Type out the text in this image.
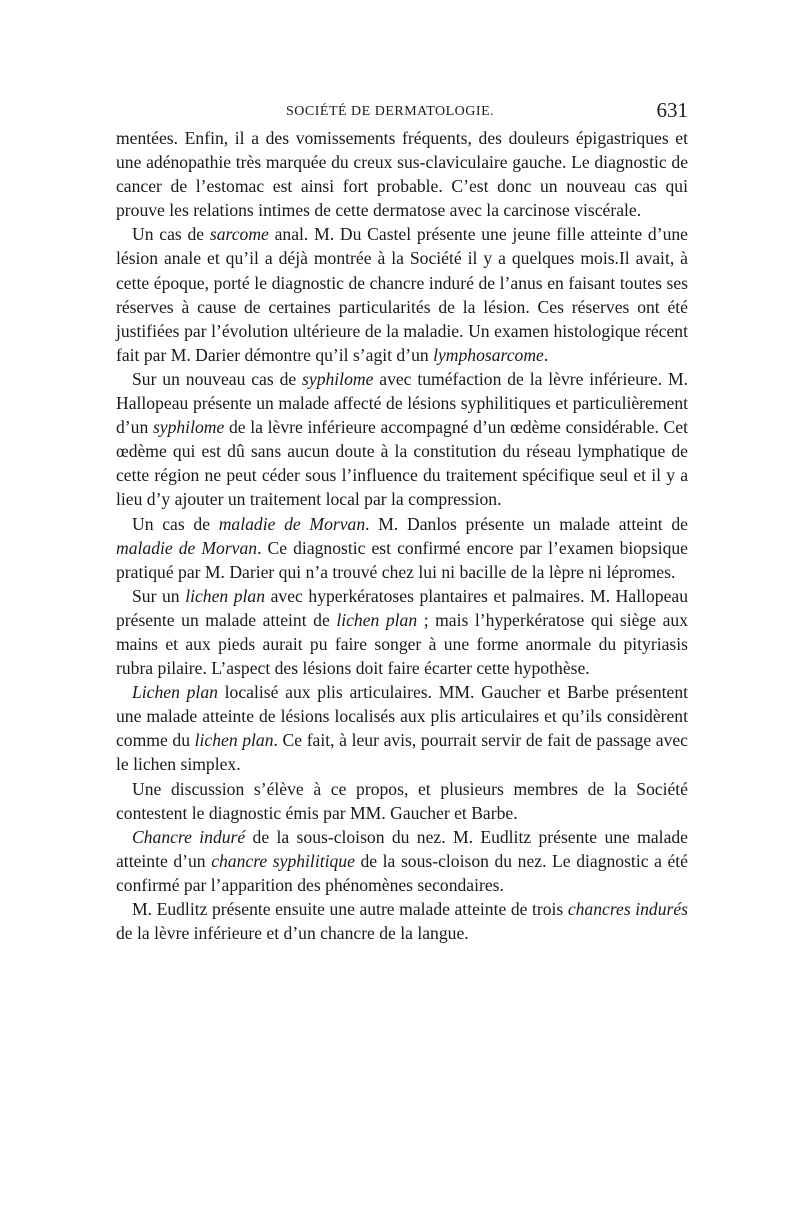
SOCIÉTÉ DE DERMATOLOGIE.	631

mentées. Enfin, il a des vomissements fréquents, des douleurs épigastriques et une adénopathie très marquée du creux sus-claviculaire gauche. Le diagnostic de cancer de l’estomac est ainsi fort probable. C’est donc un nouveau cas qui prouve les relations intimes de cette dermatose avec la carcinose viscérale.

Un cas de sarcome anal. M. Du Castel présente une jeune fille atteinte d’une lésion anale et qu’il a déjà montrée à la Société il y a quelques mois.Il avait, à cette époque, porté le diagnostic de chancre induré de l’anus en faisant toutes ses réserves à cause de certaines particularités de la lésion. Ces réserves ont été justifiées par l’évolution ultérieure de la maladie. Un examen histologique récent fait par M. Darier démontre qu’il s’agit d’un lymphosarcome.

Sur un nouveau cas de syphilome avec tuméfaction de la lèvre inférieure. M. Hallopeau présente un malade affecté de lésions syphilitiques et particulièrement d’un syphilome de la lèvre inférieure accompagné d’un œdème considérable. Cet œdème qui est dû sans aucun doute à la constitution du réseau lymphatique de cette région ne peut céder sous l’influence du traitement spécifique seul et il y a lieu d’y ajouter un traitement local par la compression.

Un cas de maladie de Morvan. M. Danlos présente un malade atteint de maladie de Morvan. Ce diagnostic est confirmé encore par l’examen biopsique pratiqué par M. Darier qui n’a trouvé chez lui ni bacille de la lèpre ni lépromes.

Sur un lichen plan avec hyperkératoses plantaires et palmaires. M. Hallopeau présente un malade atteint de lichen plan ; mais l’hyperkératose qui siège aux mains et aux pieds aurait pu faire songer à une forme anormale du pityriasis rubra pilaire. L’aspect des lésions doit faire écarter cette hypothèse.

Lichen plan localisé aux plis articulaires. MM. Gaucher et Barbe présentent une malade atteinte de lésions localisés aux plis articulaires et qu’ils considèrent comme du lichen plan. Ce fait, à leur avis, pourrait servir de fait de passage avec le lichen simplex.

Une discussion s’élève à ce propos, et plusieurs membres de la Société contestent le diagnostic émis par MM. Gaucher et Barbe.

Chancre induré de la sous-cloison du nez. M. Eudlitz présente une malade atteinte d’un chancre syphilitique de la sous-cloison du nez. Le diagnostic a été confirmé par l’apparition des phénomènes secondaires.

M. Eudlitz présente ensuite une autre malade atteinte de trois chancres indurés de la lèvre inférieure et d’un chancre de la langue.
